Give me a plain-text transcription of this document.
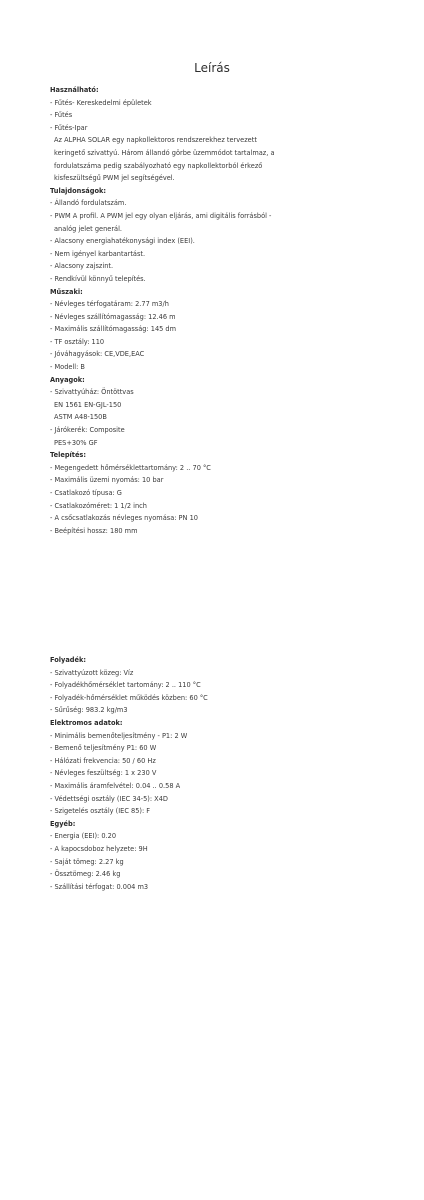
Leírás
Használható:
- Fűtés- Kereskedelmi épületek
- Fűtés
- Fűtés-Ipar
Az ALPHA SOLAR egy napkollektoros rendszerekhez tervezett
keringető szivattyú. Három állandó görbe üzemmódot tartalmaz, a
fordulatszáma pedig szabályozható egy napkollektorból érkező
kisfeszültségű PWM jel segítségével.
Tulajdonságok:
- Állandó fordulatszám.
- PWM A profil. A PWM jel egy olyan eljárás, ami digitális forrásból -
analóg jelet generál.
- Alacsony energiahatékonysági index (EEI).
- Nem igényel karbantartást.
- Alacsony zajszint.
- Rendkívül könnyű telepítés.
Műszaki:
- Névleges térfogatáram: 2.77 m3/h
- Névleges szállítómagasság: 12.46 m
- Maximális szállítómagasság: 145 dm
- TF osztály: 110
- Jóváhagyások: CE,VDE,EAC
- Modell: B
Anyagok:
- Szivattyúház: Öntöttvas
EN 1561 EN-GJL-150
ASTM A48-150B
- Járókerék: Composite
PES+30% GF
Telepítés:
- Megengedett hőmérséklettartomány: 2 .. 70 °C
- Maximális üzemi nyomás: 10 bar
- Csatlakozó típusa: G
- Csatlakozóméret: 1 1/2 inch
- A csőcsatlakozás névleges nyomása: PN 10
- Beépítési hossz: 180 mm
Folyadék:
- Szivattyúzott közeg: Víz
- Folyadékhőmérséklet tartomány: 2 .. 110 °C
- Folyadék-hőmérséklet működés közben: 60 °C
- Sűrűség: 983.2 kg/m3
Elektromos adatok:
- Minimális bemenőteljesítmény - P1: 2 W
- Bemenő teljesítmény P1: 60 W
- Hálózati frekvencia: 50 / 60 Hz
- Névleges feszültség: 1 x 230 V
- Maximális áramfelvétel: 0.04 .. 0.58 A
- Védettségi osztály (IEC 34-5): X4D
- Szigetelés osztály (IEC 85): F
Egyéb:
- Energia (EEI): 0.20
- A kapocsdoboz helyzete: 9H
- Saját tömeg: 2.27 kg
- Össztömeg: 2.46 kg
- Szállítási térfogat: 0.004 m3
